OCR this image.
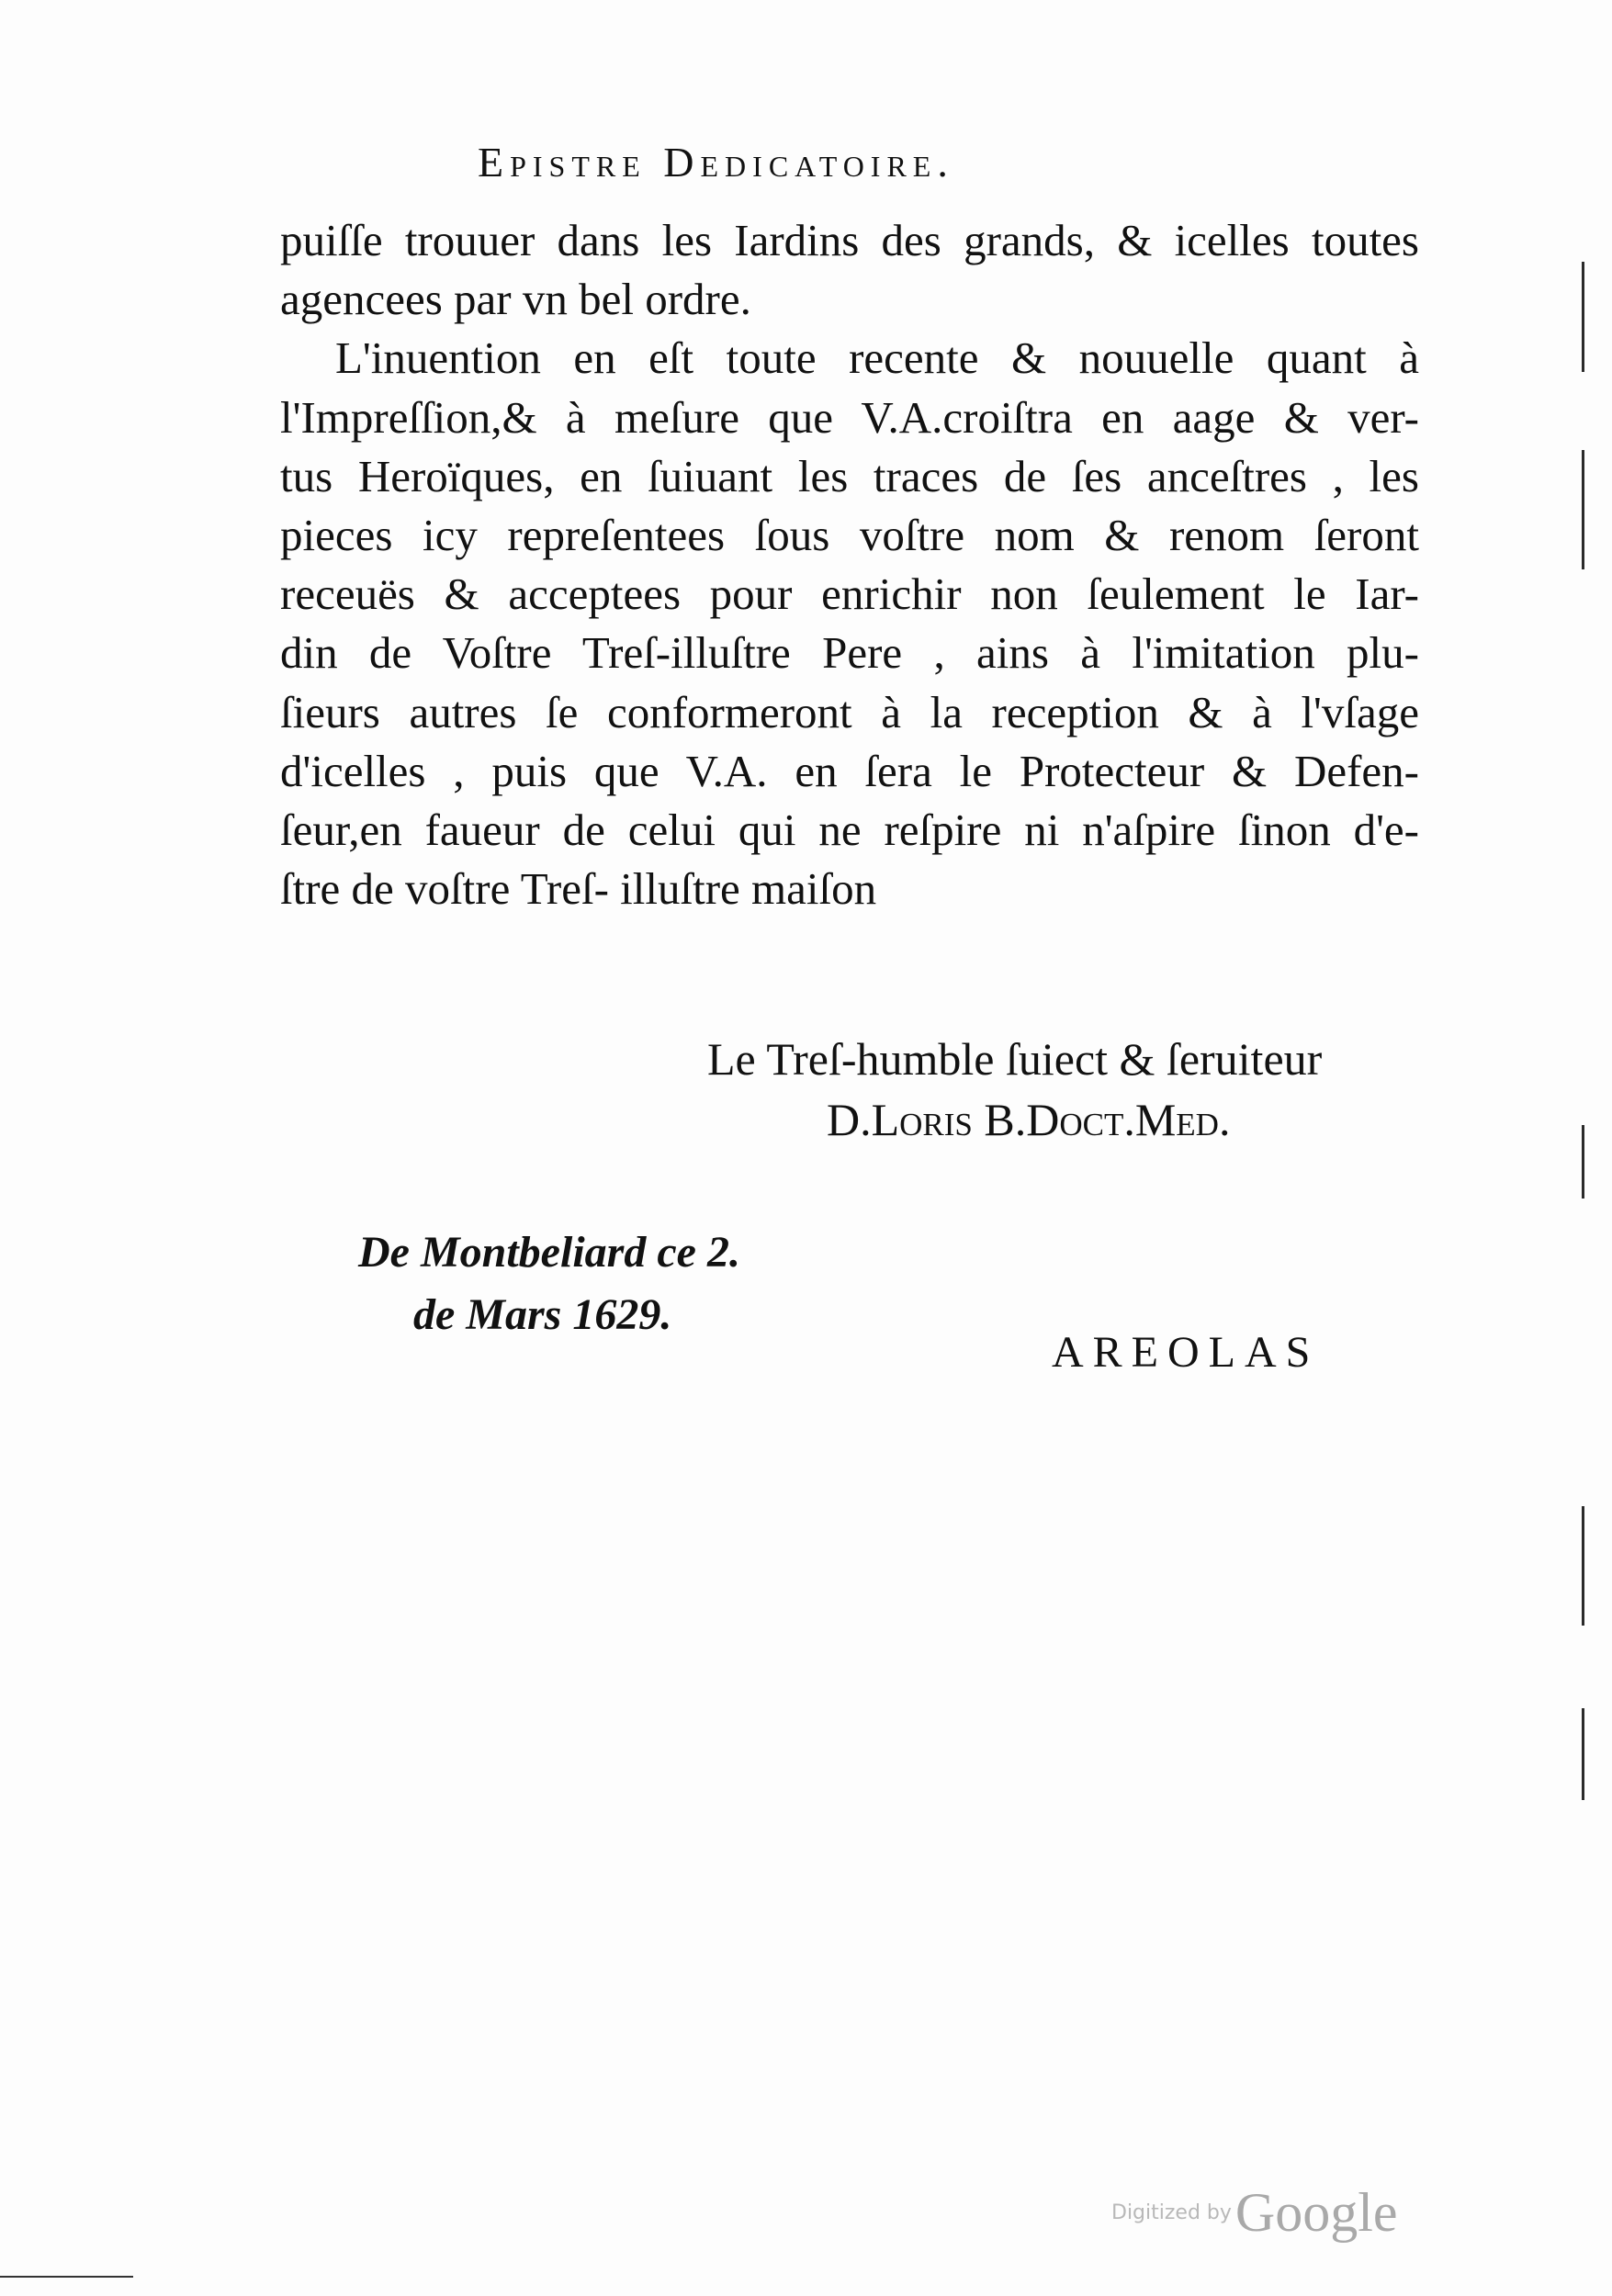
Epistre Dedicatoire.
puiſſe trouuer dans les Iardins des grands, & icelles toutes
agencees par vn bel ordre.
L'inuention en eſt toute recente & nouuelle quant à
l'Impreſſion,& à meſure que V.A.croiſtra en aage & ver-
tus Heroïques, en ſuiuant les traces de ſes anceſtres , les
pieces icy repreſentees ſous voſtre nom & renom ſeront
receuës & acceptees pour enrichir non ſeulement le Iar-
din de Voſtre Treſ-illuſtre Pere , ains à l'imitation plu-
ſieurs autres ſe conformeront à la reception & à l'vſage
d'icelles , puis que V.A. en ſera le Protecteur & Defen-
ſeur,en faueur de celui qui ne reſpire ni n'aſpire ſinon d'e-
ſtre de voſtre Treſ- illuſtre maiſon
Le Treſ-humble ſuiect & ſeruiteur
D.Loris B.Doct.Med.
De Montbeliard ce 2.
de Mars 1629.
AREOLAS
Digitized by Google
